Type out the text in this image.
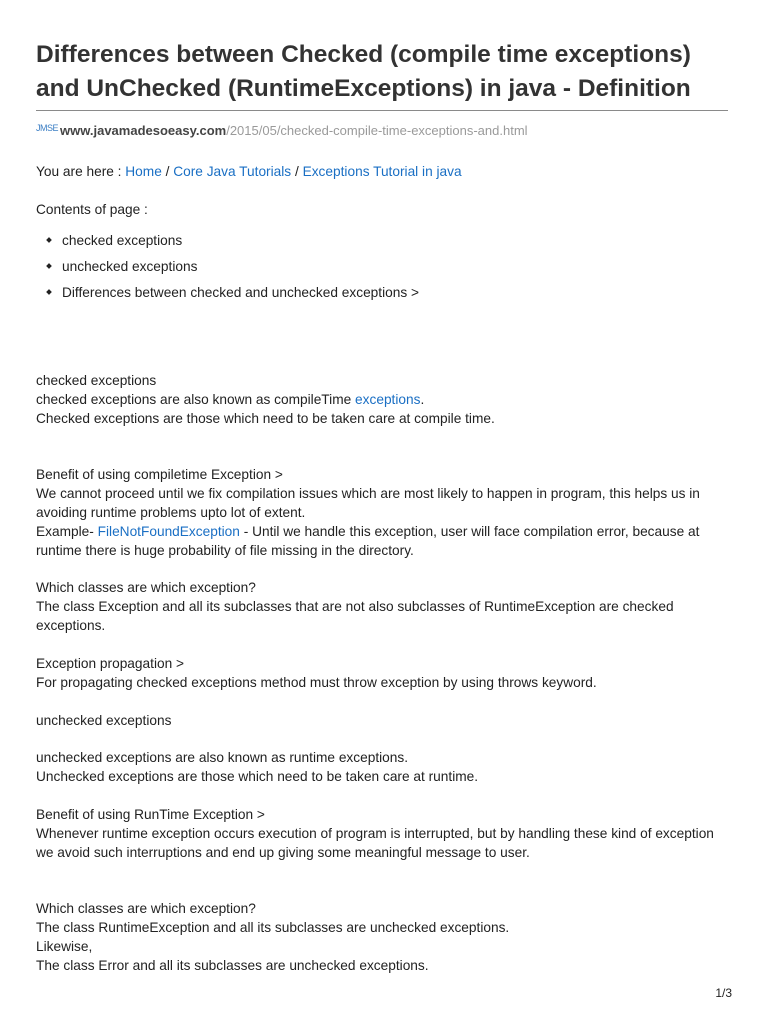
Differences between Checked (compile time exceptions) and UnChecked (RuntimeExceptions) in java - Definition
$^{JMSE}$ www.javamadesoeasy.com/2015/05/checked-compile-time-exceptions-and.html
You are here : Home / Core Java Tutorials / Exceptions Tutorial in java
Contents of page :
checked exceptions
unchecked exceptions
Differences between checked and unchecked exceptions >
checked exceptions
checked exceptions are also known as compileTime exceptions.
Checked exceptions are those which need to be taken care at compile time.
Benefit of using compiletime Exception >
We cannot proceed until we fix compilation issues which are most likely to happen in program, this helps us in avoiding runtime problems upto lot of extent.
Example- FileNotFoundException - Until we handle this exception, user will face compilation error, because at runtime there is huge probability of file missing in the directory.
Which classes are which exception?
The class Exception and all its subclasses that are not also subclasses of RuntimeException are checked exceptions.
Exception propagation >
For propagating checked exceptions method must throw exception by using throws keyword.
unchecked exceptions
unchecked exceptions are also known as runtime exceptions.
Unchecked exceptions are those which need to be taken care at runtime.
Benefit of using RunTime Exception >
Whenever runtime exception occurs execution of program is interrupted, but by handling these kind of exception we avoid such interruptions and end up giving some meaningful message to user.
Which classes are which exception?
The class RuntimeException and all its subclasses are unchecked exceptions.
Likewise,
The class Error and all its subclasses are unchecked exceptions.
1/3
